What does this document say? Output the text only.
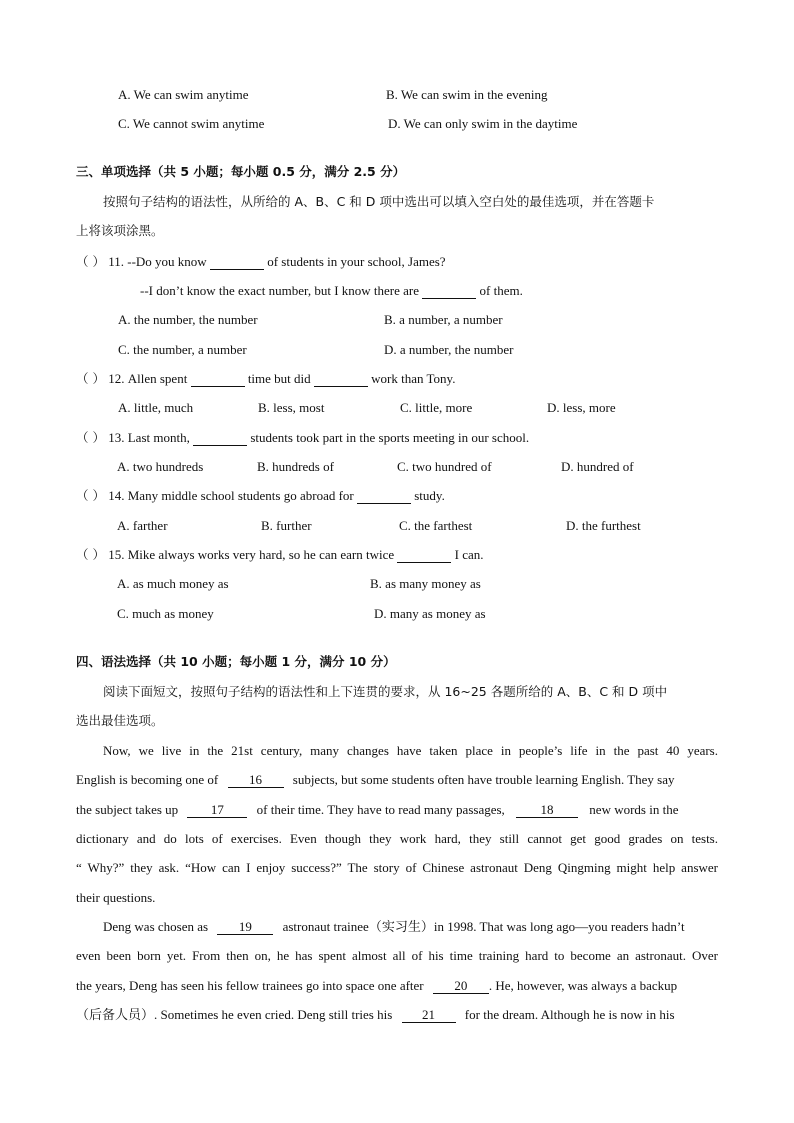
A. We can swim anytime	B. We can swim in the evening
C. We cannot swim anytime	D. We can only swim in the daytime
三、单项选择（共 5 小题；每小题 0.5 分，满分 2.5 分）
按照句子结构的语法性，从所给的 A、B、C 和 D 项中选出可以填入空白处的最佳选项，并在答题卡
上将该项涂黑。
（ ） 11. --Do you know	of students in your school, James?
--I don’t know the exact number, but I know there are	of them.
A. the number, the number	B. a number, a number
C. the number, a number	D. a number, the number
（ ） 12. Allen spent	time but did	work than Tony.
A. little, much	B. less, most	C. little, more	D. less, more
（ ） 13. Last month,	students took part in the sports meeting in our school.
A. two hundreds	B. hundreds of	C. two hundred of	D. hundred of
（ ） 14. Many middle school students go abroad for	study.
A. farther	B. further	C. the farthest	D. the furthest
（ ） 15. Mike always works very hard, so he can earn twice	I can.
A. as much money as	B. as many money as
C. much as money	D. many as money as
四、语法选择（共 10 小题；每小题 1 分，满分 10 分）
阅读下面短文，按照句子结构的语法性和上下连贯的要求，从 16~25 各题所给的 A、B、C 和 D 项中
选出最佳选项。
Now, we live in the 21st century, many changes have taken place in people’s life in the past 40 years.
English is becoming one of 16 subjects, but some students often have trouble learning English. They say
the subject takes up	17	of their time. They have to read many passages,	18	new words in the
dictionary and do lots of exercises. Even though they work hard, they still cannot get good grades on tests.
“ Why?” they ask. “How can I enjoy success?” The story of Chinese astronaut Deng Qingming might help answer
their questions.
Deng was chosen as 19 astronaut trainee（实习生）in 1998. That was long ago—you readers hadn’t
even been born yet. From then on, he has spent almost all of his time training hard to become an astronaut. Over
the years, Deng has seen his fellow trainees go into space one after 20 . He, however, was always a backup
（后备人员）. Sometimes he even cried. Deng still tries his 21 for the dream. Although he is now in his
